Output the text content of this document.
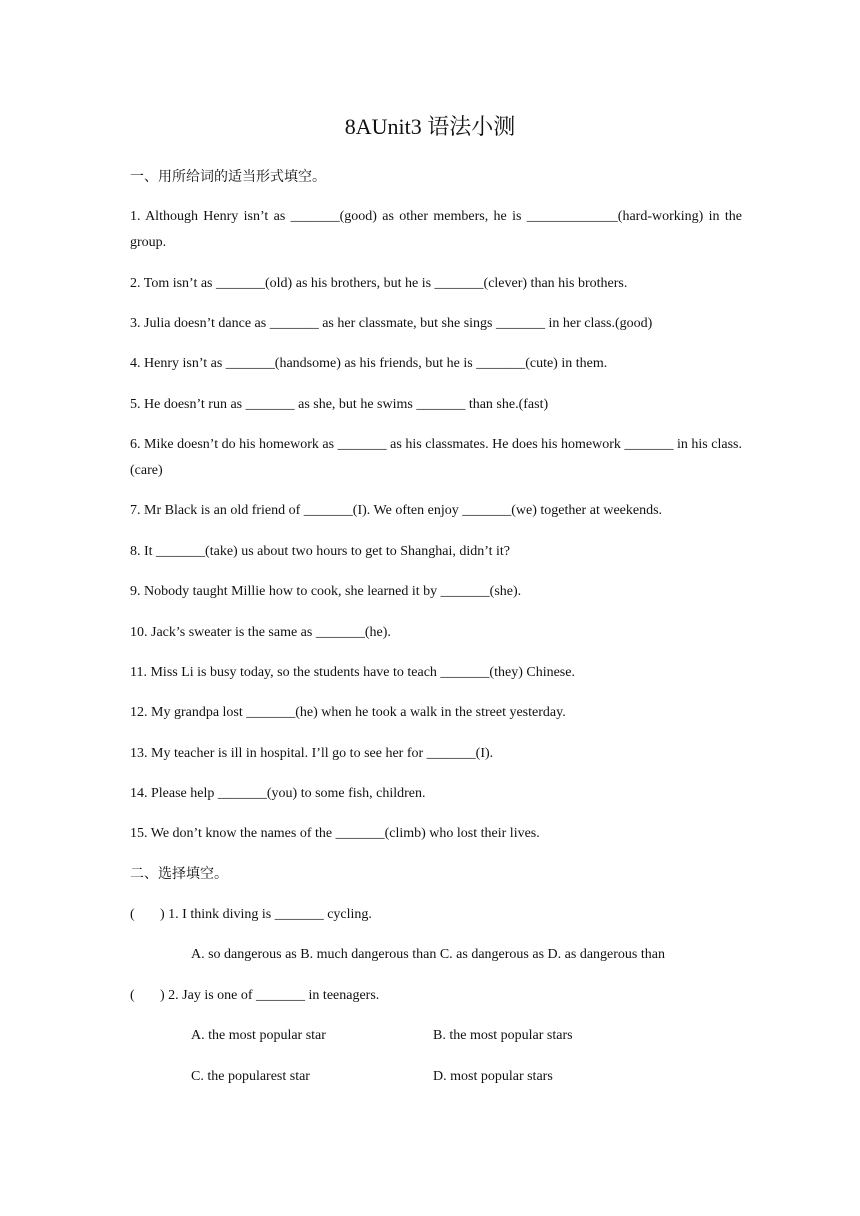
8AUnit3 语法小测
一、用所给词的适当形式填空。
1. Although Henry isn’t as _______(good) as other members, he is _____________(hard-working) in the group.
2. Tom isn’t as _______(old) as his brothers, but he is _______(clever) than his brothers.
3. Julia doesn’t dance as _______ as her classmate, but she sings _______ in her class.(good)
4. Henry isn’t as _______(handsome) as his friends, but he is _______(cute) in them.
5. He doesn’t run as _______ as she, but he swims _______ than she.(fast)
6. Mike doesn’t do his homework as _______ as his classmates. He does his homework _______ in his class.(care)
7. Mr Black is an old friend of _______(I). We often enjoy _______(we) together at weekends.
8. It _______(take) us about two hours to get to Shanghai, didn’t it?
9. Nobody taught Millie how to cook, she learned it by _______(she).
10. Jack’s sweater is the same as _______(he).
11. Miss Li is busy today, so the students have to teach _______(they) Chinese.
12. My grandpa lost _______(he) when he took a walk in the street yesterday.
13. My teacher is ill in hospital. I’ll go to see her for _______(I).
14. Please help _______(you) to some fish, children.
15. We don’t know the names of the _______(climb) who lost their lives.
二、选择填空。
( ) 1. I think diving is _______ cycling.
A. so dangerous as B. much dangerous than C. as dangerous as D. as dangerous than
( ) 2. Jay is one of _______ in teenagers.
A. the most popular star	B. the most popular stars
C. the popularest star	D. most popular stars
